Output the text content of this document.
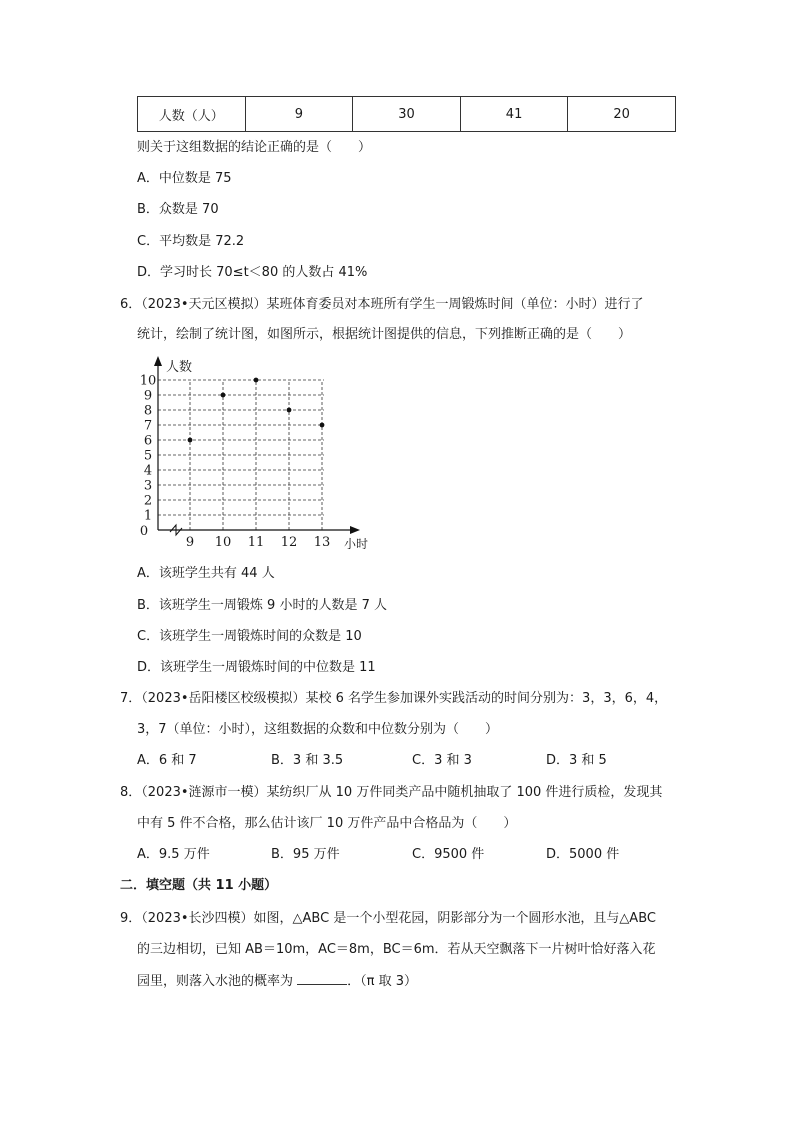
人数（人）	9	30	41	20
则关于这组数据的结论正确的是（　　）
A．中位数是 75
B．众数是 70
C．平均数是 72.2
D．学习时长 70≤t＜80 的人数占 41%
6．（2023•天元区模拟）某班体育委员对本班所有学生一周锻炼时间（单位：小时）进行了
统计，绘制了统计图，如图所示，根据统计图提供的信息，下列推断正确的是（　　）
1
2
3
4
5
6
7
8
9
10
0
9 10 11 12 13
人数
小时
A．该班学生共有 44 人
B．该班学生一周锻炼 9 小时的人数是 7 人
C．该班学生一周锻炼时间的众数是 10
D．该班学生一周锻炼时间的中位数是 11
7．（2023•岳阳楼区校级模拟）某校 6 名学生参加课外实践活动的时间分别为：3，3，6，4，
3，7（单位：小时），这组数据的众数和中位数分别为（　　）
A．6 和 7	B．3 和 3.5	C．3 和 3	D．3 和 5
8．（2023•涟源市一模）某纺织厂从 10 万件同类产品中随机抽取了 100 件进行质检，发现其
中有 5 件不合格，那么估计该厂 10 万件产品中合格品为（　　）
A．9.5 万件	B．95 万件	C．9500 件	D．5000 件
二．填空题（共 11 小题）
9．（2023•长沙四模）如图，△ABC 是一个小型花园，阴影部分为一个圆形水池，且与△ABC
的三边相切，已知 AB＝10m，AC＝8m，BC＝6m．若从天空飘落下一片树叶恰好落入花
园里，则落入水池的概率为	．（π 取 3）
